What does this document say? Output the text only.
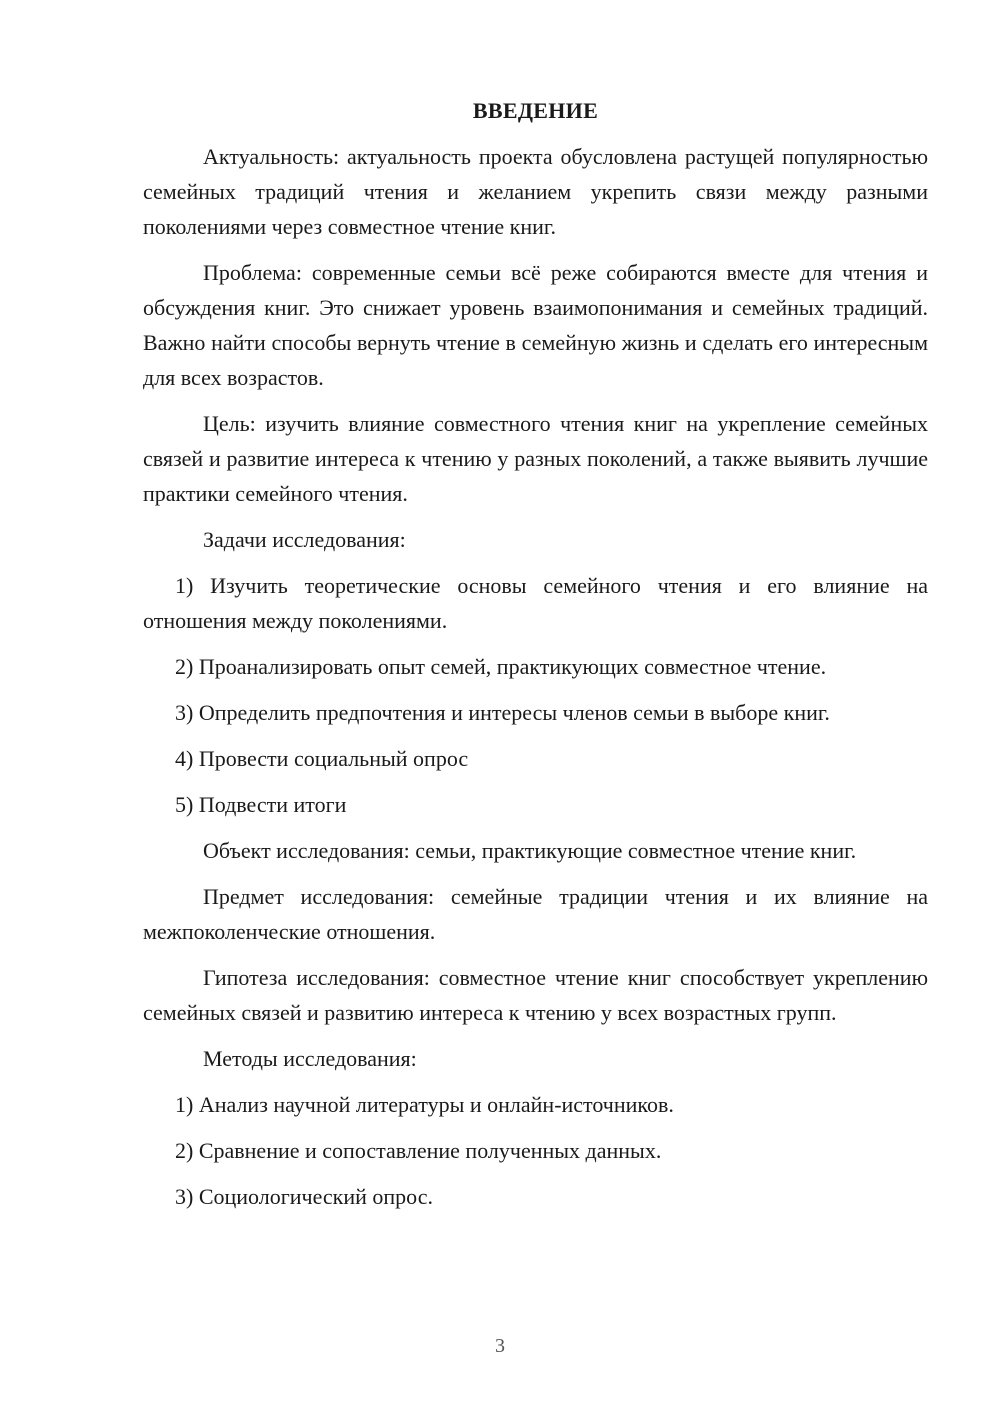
ВВЕДЕНИЕ

Актуальность: актуальность проекта обусловлена растущей популярностью семейных традиций чтения и желанием укрепить связи между разными поколениями через совместное чтение книг.

Проблема: современные семьи всё реже собираются вместе для чтения и обсуждения книг. Это снижает уровень взаимопонимания и семейных традиций. Важно найти способы вернуть чтение в семейную жизнь и сделать его интересным для всех возрастов.

Цель: изучить влияние совместного чтения книг на укрепление семейных связей и развитие интереса к чтению у разных поколений, а также выявить лучшие практики семейного чтения.

Задачи исследования:

1) Изучить теоретические основы семейного чтения и его влияние на отношения между поколениями.

2) Проанализировать опыт семей, практикующих совместное чтение.

3) Определить предпочтения и интересы членов семьи в выборе книг.

4) Провести социальный опрос

5) Подвести итоги

Объект исследования: семьи, практикующие совместное чтение книг.

Предмет исследования: семейные традиции чтения и их влияние на межпоколенческие отношения.

Гипотеза исследования: совместное чтение книг способствует укреплению семейных связей и развитию интереса к чтению у всех возрастных групп.

Методы исследования:

1) Анализ научной литературы и онлайн-источников.

2) Сравнение и сопоставление полученных данных.

3) Социологический опрос.

3
